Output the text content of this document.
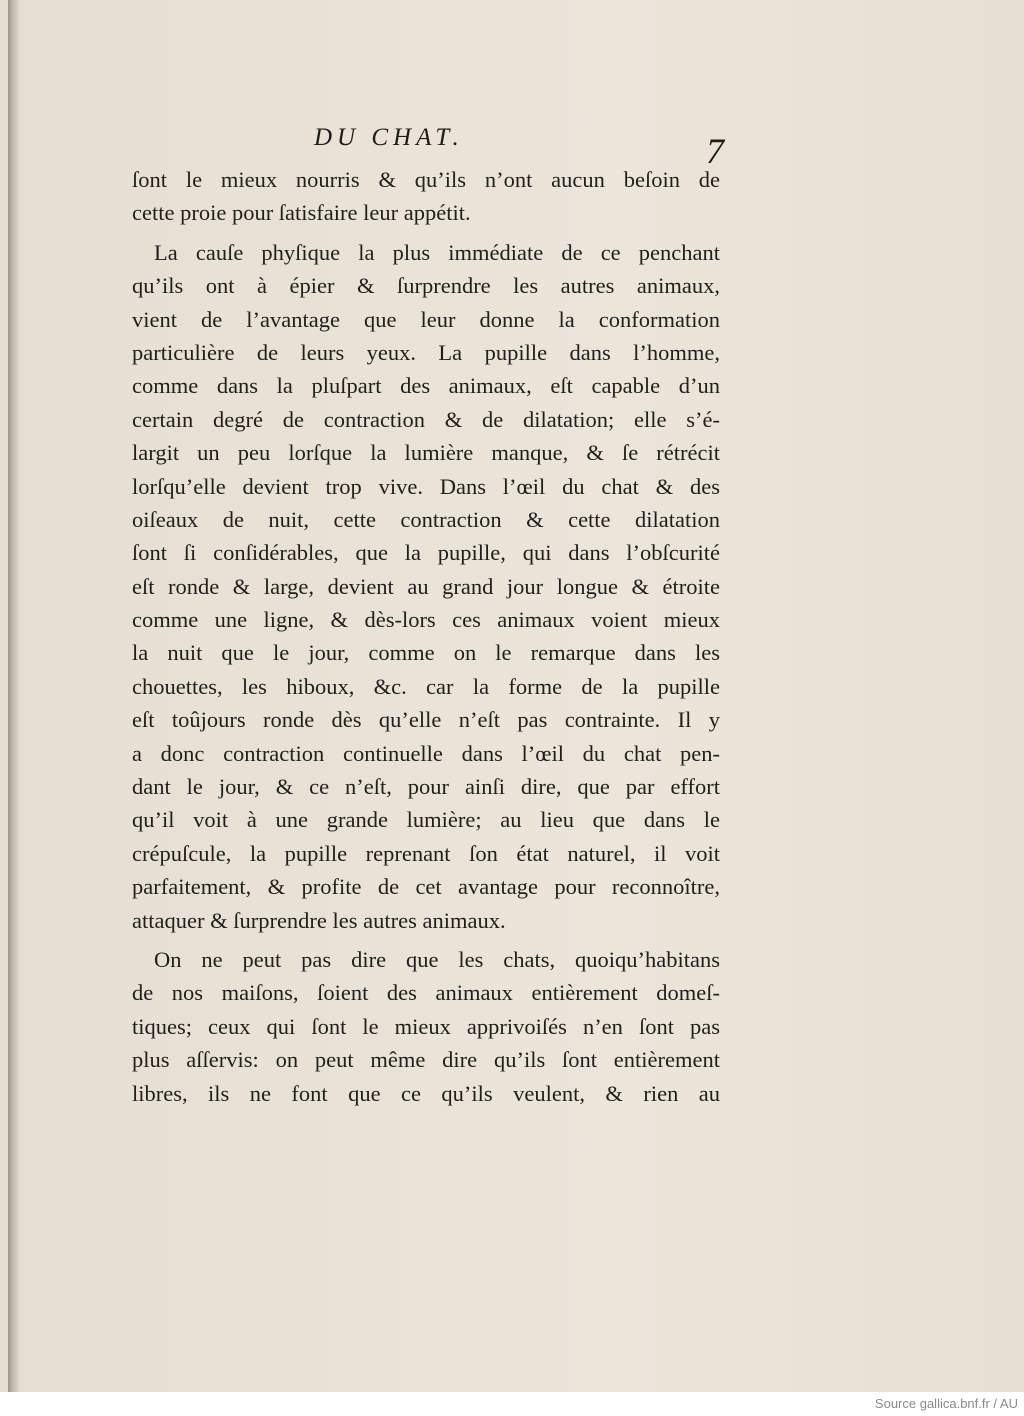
DU CHAT.	7
ſont le mieux nourris & qu’ils n’ont aucun beſoin de
cette proie pour ſatisfaire leur appétit.
La cauſe phyſique la plus immédiate de ce penchant
qu’ils ont à épier & ſurprendre les autres animaux,
vient de l’avantage que leur donne la conformation
particulière de leurs yeux. La pupille dans l’homme,
comme dans la pluſpart des animaux, eſt capable d’un
certain degré de contraction & de dilatation; elle s’é-
largit un peu lorſque la lumière manque, & ſe rétrécit
lorſqu’elle devient trop vive. Dans l’œil du chat & des
oiſeaux de nuit, cette contraction & cette dilatation
ſont ſi conſidérables, que la pupille, qui dans l’obſcurité
eſt ronde & large, devient au grand jour longue & étroite
comme une ligne, & dès-lors ces animaux voient mieux
la nuit que le jour, comme on le remarque dans les
chouettes, les hiboux, &c. car la forme de la pupille
eſt toûjours ronde dès qu’elle n’eſt pas contrainte. Il y
a donc contraction continuelle dans l’œil du chat pen-
dant le jour, & ce n’eſt, pour ainſi dire, que par effort
qu’il voit à une grande lumière; au lieu que dans le
crépuſcule, la pupille reprenant ſon état naturel, il voit
parfaitement, & profite de cet avantage pour reconnoître,
attaquer & ſurprendre les autres animaux.
On ne peut pas dire que les chats, quoiqu’habitans
de nos maiſons, ſoient des animaux entièrement domeſ-
tiques; ceux qui ſont le mieux apprivoiſés n’en ſont pas
plus aſſervis: on peut même dire qu’ils ſont entièrement
libres, ils ne font que ce qu’ils veulent, & rien au
Source gallica.bnf.fr / AU
